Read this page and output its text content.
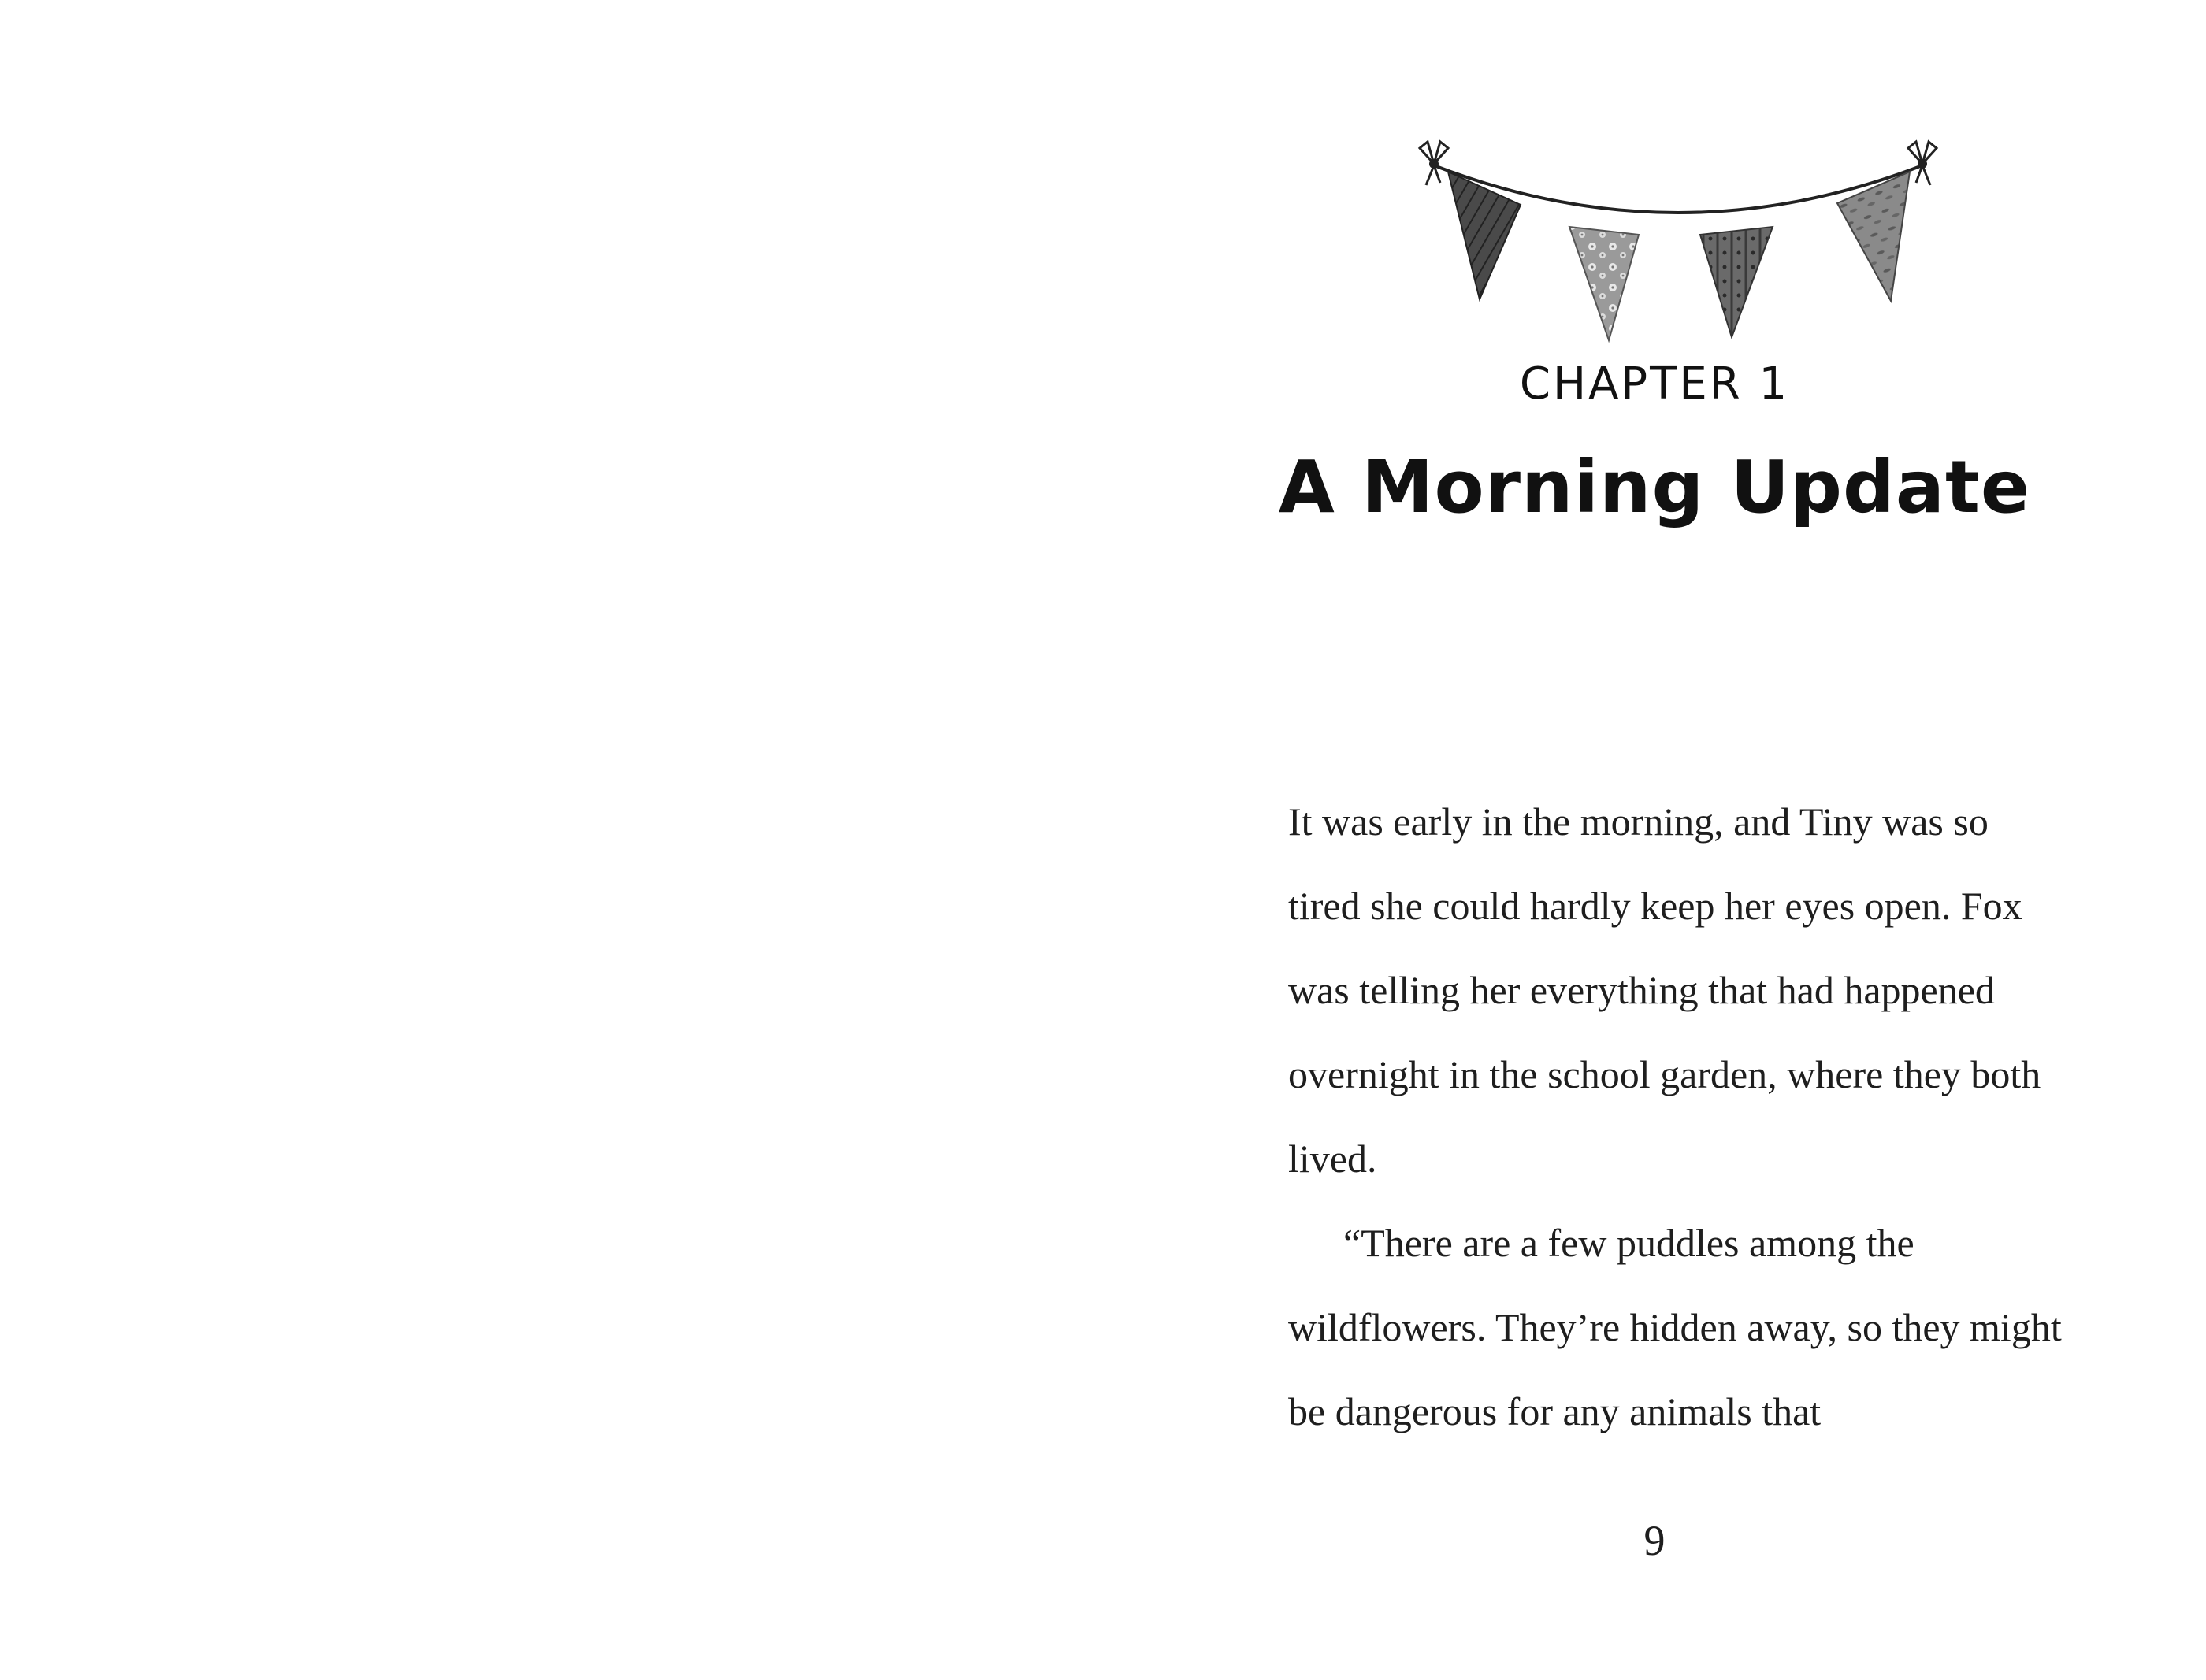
CHAPTER 1
A Morning Update

It was early in the morning, and Tiny was so tired she could hardly keep her eyes open. Fox was telling her everything that had happened overnight in the school garden, where they both lived.

“There are a few puddles among the wildflowers. They’re hidden away, so they might be dangerous for any animals that

9
